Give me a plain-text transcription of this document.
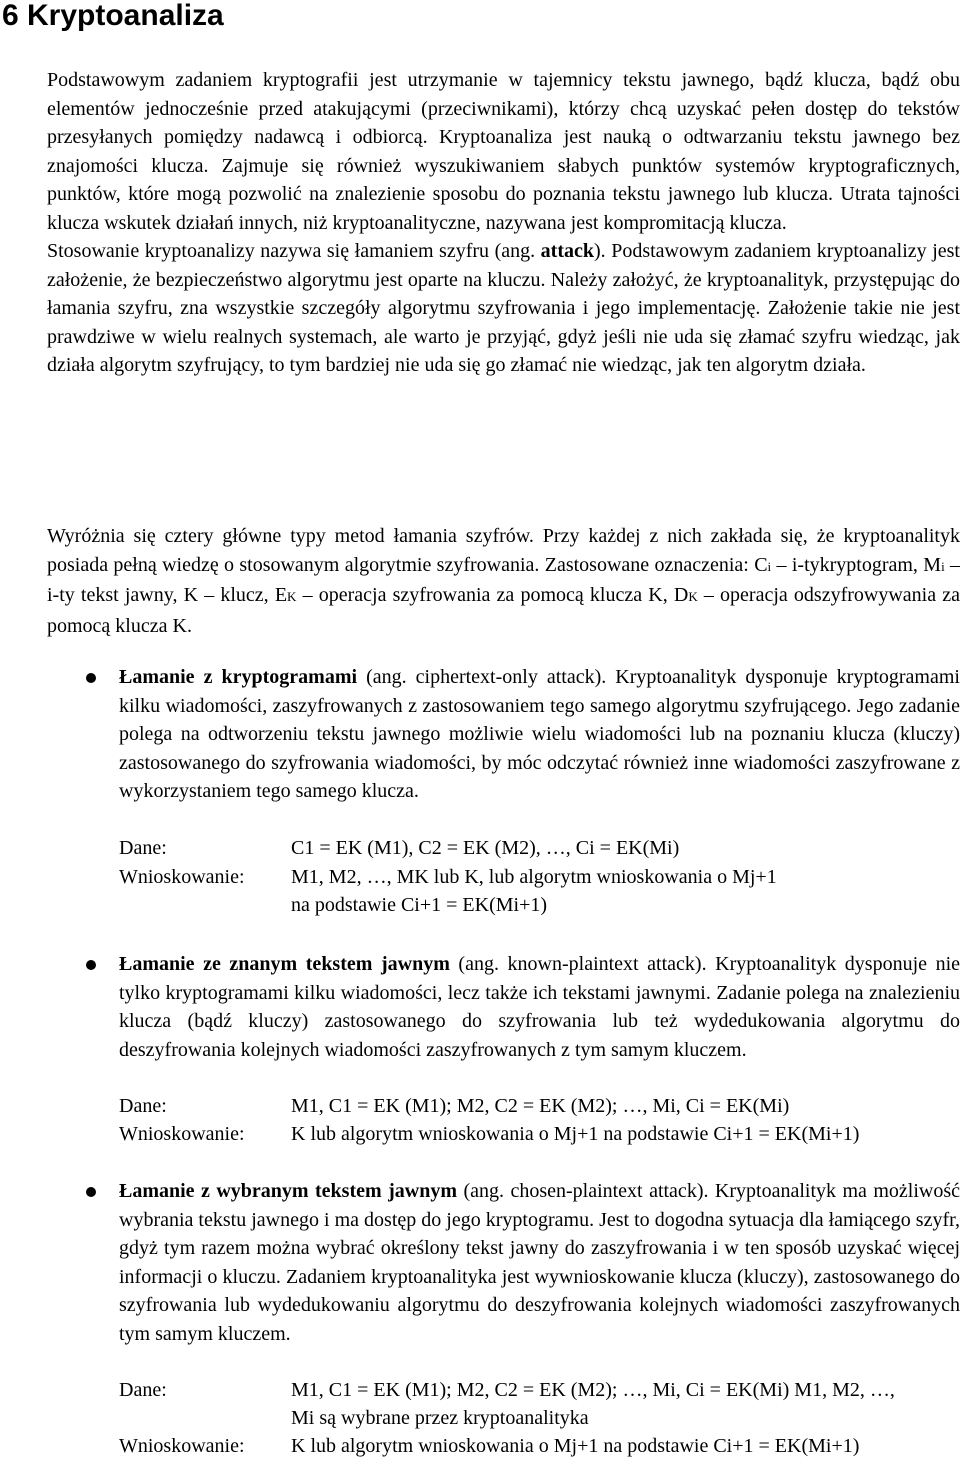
6 Kryptoanaliza

Podstawowym zadaniem kryptografii jest utrzymanie w tajemnicy tekstu jawnego, bądź klucza, bądź obu elementów jednocześnie przed atakującymi (przeciwnikami), którzy chcą uzyskać pełen dostęp do tekstów przesyłanych pomiędzy nadawcą i odbiorcą. Kryptoanaliza jest nauką o odtwarzaniu tekstu jawnego bez znajomości klucza. Zajmuje się również wyszukiwaniem słabych punktów systemów kryptograficznych, punktów, które mogą pozwolić na znalezienie sposobu do poznania tekstu jawnego lub klucza. Utrata tajności klucza wskutek działań innych, niż kryptoanalityczne, nazywana jest kompromitacją klucza.
Stosowanie kryptoanalizy nazywa się łamaniem szyfru (ang. attack). Podstawowym zadaniem kryptoanalizy jest założenie, że bezpieczeństwo algorytmu jest oparte na kluczu. Należy założyć, że kryptoanalityk, przystępując do łamania szyfru, zna wszystkie szczegóły algorytmu szyfrowania i jego implementację. Założenie takie nie jest prawdziwe w wielu realnych systemach, ale warto je przyjąć, gdyż jeśli nie uda się złamać szyfru wiedząc, jak działa algorytm szyfrujący, to tym bardziej nie uda się go złamać nie wiedząc, jak ten algorytm działa.

Wyróżnia się cztery główne typy metod łamania szyfrów. Przy każdej z nich zakłada się, że kryptoanalityk posiada pełną wiedzę o stosowanym algorytmie szyfrowania. Zastosowane oznaczenia: Ci – i-tykryptogram, Mi – i-ty tekst jawny, K – klucz, EK – operacja szyfrowania za pomocą klucza K, DK – operacja odszyfrowywania za pomocą klucza K.

Łamanie z kryptogramami (ang. ciphertext-only attack). Kryptoanalityk dysponuje kryptogramami kilku wiadomości, zaszyfrowanych z zastosowaniem tego samego algorytmu szyfrującego. Jego zadanie polega na odtworzeniu tekstu jawnego możliwie wielu wiadomości lub na poznaniu klucza (kluczy) zastosowanego do szyfrowania wiadomości, by móc odczytać również inne wiadomości zaszyfrowane z wykorzystaniem tego samego klucza.

Dane:	C1 = EK (M1), C2 = EK (M2), …, Ci = EK(Mi)
Wnioskowanie: M1, M2, …, MK lub K, lub algorytm wnioskowania o Mj+1
na podstawie Ci+1 = EK(Mi+1)

Łamanie ze znanym tekstem jawnym (ang. known-plaintext attack). Kryptoanalityk dysponuje nie tylko kryptogramami kilku wiadomości, lecz także ich tekstami jawnymi. Zadanie polega na znalezieniu klucza (bądź kluczy) zastosowanego do szyfrowania lub też wydedukowania algorytmu do deszyfrowania kolejnych wiadomości zaszyfrowanych z tym samym kluczem.

Dane:	M1, C1 = EK (M1); M2, C2 = EK (M2); …, Mi, Ci = EK(Mi)
Wnioskowanie: K lub algorytm wnioskowania o Mj+1 na podstawie Ci+1 = EK(Mi+1)

Łamanie z wybranym tekstem jawnym (ang. chosen-plaintext attack). Kryptoanalityk ma możliwość wybrania tekstu jawnego i ma dostęp do jego kryptogramu. Jest to dogodna sytuacja dla łamiącego szyfr, gdyż tym razem można wybrać określony tekst jawny do zaszyfrowania i w ten sposób uzyskać więcej informacji o kluczu. Zadaniem kryptoanalityka jest wywnioskowanie klucza (kluczy), zastosowanego do szyfrowania lub wydedukowaniu algorytmu do deszyfrowania kolejnych wiadomości zaszyfrowanych tym samym kluczem.

Dane:	M1, C1 = EK (M1); M2, C2 = EK (M2); …, Mi, Ci = EK(Mi) M1, M2, …,
Mi są wybrane przez kryptoanalityka
Wnioskowanie: K lub algorytm wnioskowania o Mj+1 na podstawie Ci+1 = EK(Mi+1)
